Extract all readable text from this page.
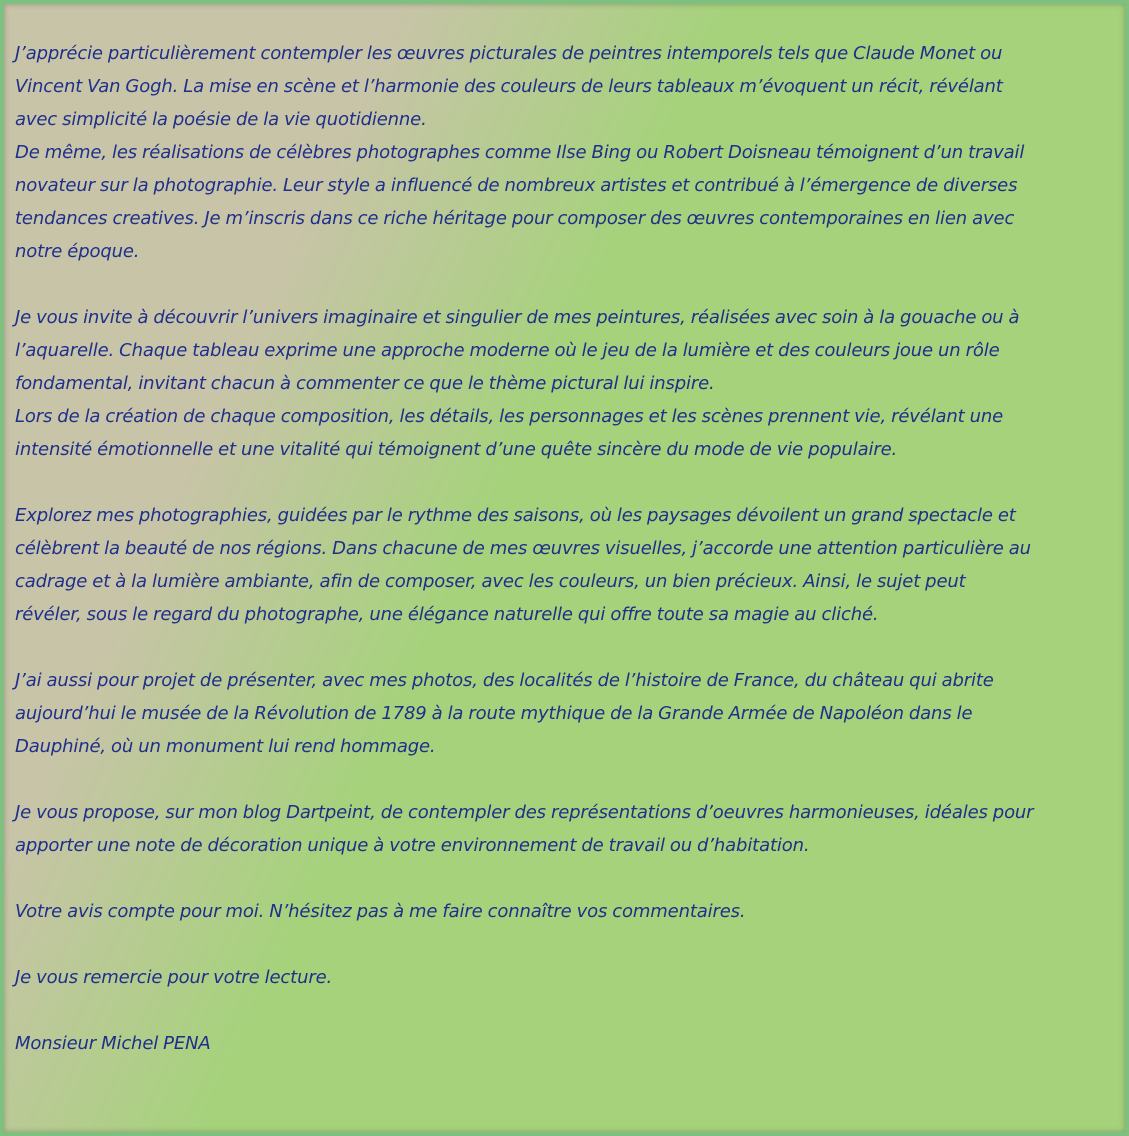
J’apprécie particulièrement contempler les œuvres picturales de peintres intemporels tels que Claude Monet ou
Vincent Van Gogh. La mise en scène et l’harmonie des couleurs de leurs tableaux m’évoquent un récit, révélant
avec simplicité la poésie de la vie quotidienne.
De même, les réalisations de célèbres photographes comme Ilse Bing ou Robert Doisneau témoignent d’un travail
novateur sur la photographie. Leur style a influencé de nombreux artistes et contribué à l’émergence de diverses
tendances creatives. Je m’inscris dans ce riche héritage pour composer des œuvres contemporaines en lien avec
notre époque.

Je vous invite à découvrir l’univers imaginaire et singulier de mes peintures, réalisées avec soin à la gouache ou à
l’aquarelle. Chaque tableau exprime une approche moderne où le jeu de la lumière et des couleurs joue un rôle
fondamental, invitant chacun à commenter ce que le thème pictural lui inspire.
Lors de la création de chaque composition, les détails, les personnages et les scènes prennent vie, révélant une
intensité émotionnelle et une vitalité qui témoignent d’une quête sincère du mode de vie populaire.

Explorez mes photographies, guidées par le rythme des saisons, où les paysages dévoilent un grand spectacle et
célèbrent la beauté de nos régions. Dans chacune de mes œuvres visuelles, j’accorde une attention particulière au
cadrage et à la lumière ambiante, afin de composer, avec les couleurs, un bien précieux. Ainsi, le sujet peut
révéler, sous le regard du photographe, une élégance naturelle qui offre toute sa magie au cliché.

J’ai aussi pour projet de présenter, avec mes photos, des localités de l’histoire de France, du château qui abrite
aujourd’hui le musée de la Révolution de 1789 à la route mythique de la Grande Armée de Napoléon dans le
Dauphiné, où un monument lui rend hommage.

Je vous propose, sur mon blog Dartpeint, de contempler des représentations d’oeuvres harmonieuses, idéales pour
apporter une note de décoration unique à votre environnement de travail ou d’habitation.

Votre avis compte pour moi. N’hésitez pas à me faire connaître vos commentaires.

Je vous remercie pour votre lecture.

Monsieur Michel PENA
